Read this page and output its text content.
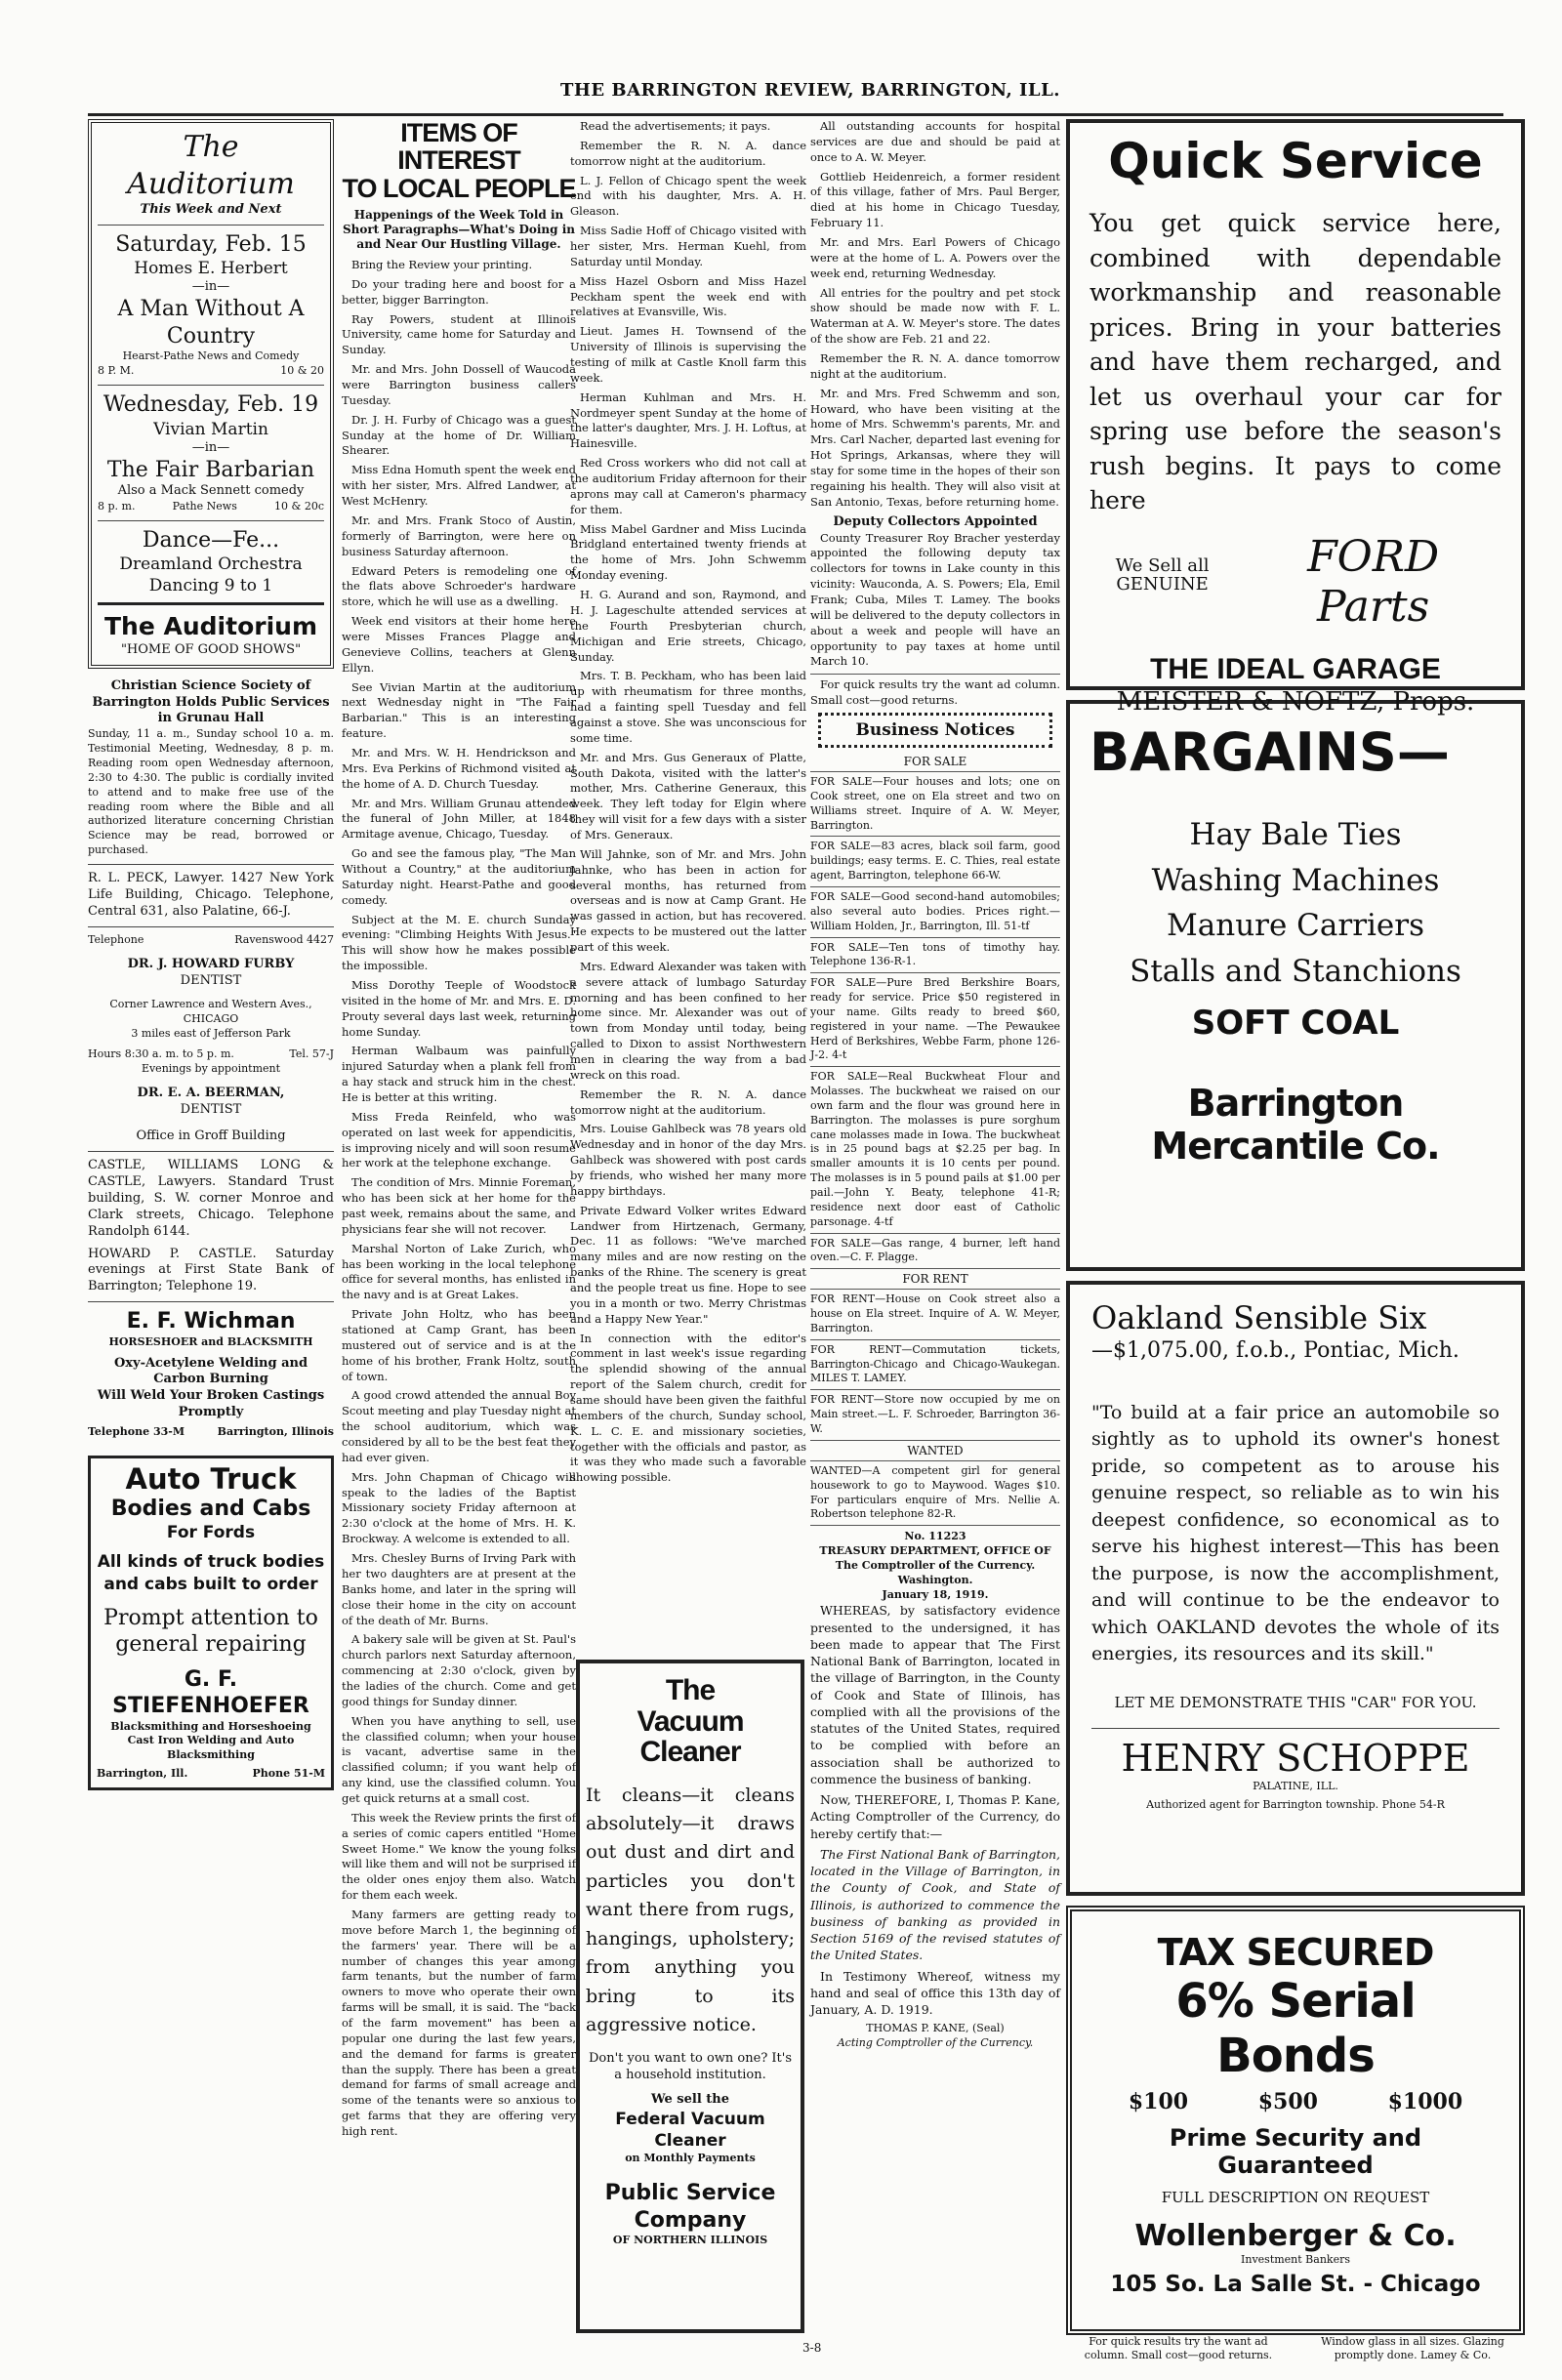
THE BARRINGTON REVIEW, BARRINGTON, ILL.
The Auditorium
This Week and Next
Saturday, Feb. 15
Homes E. Herbert
—in—
A Man Without A Country
Hearst-Pathe News and Comedy
8 P. M.	10 & 20
Wednesday, Feb. 19
Vivian Martin
—in—
The Fair Barbarian
Also a Mack Sennett comedy
8 p. m.	Pathe News	10 & 20c
Dance—Fe...
Dreamland Orchestra
Dancing 9 to 1
The Auditorium
"HOME OF GOOD SHOWS"
Christian Science Society of Barrington Holds Public Services in Grunau Hall
Sunday, 11 a. m., Sunday school 10 a. m. Testimonial Meeting, Wednesday, 8 p. m. Reading room open Wednesday afternoon, 2:30 to 4:30. The public is cordially invited to attend and to make free use of the reading room where the Bible and all authorized literature concerning Christian Science may be read, borrowed or purchased.
R. L. PECK, Lawyer. 1427 New York Life Building, Chicago. Telephone, Central 631, also Palatine, 66-J.
Telephone	Ravenswood 4427
DR. J. HOWARD FURBY
DENTIST
Corner Lawrence and Western Aves., CHICAGO
3 miles east of Jefferson Park
Hours 8:30 a. m. to 5 p. m.	Tel. 57-J
Evenings by appointment
DR. E. A. BEERMAN,
DENTIST
Office in Groff Building
CASTLE, WILLIAMS LONG & CASTLE, Lawyers. Standard Trust building, S. W. corner Monroe and Clark streets, Chicago. Telephone Randolph 6144.
HOWARD P. CASTLE. Saturday evenings at First State Bank of Barrington; Telephone 19.
E. F. Wichman
HORSESHOER and BLACKSMITH
Oxy-Acetylene Welding and Carbon Burning
Will Weld Your Broken Castings Promptly
Telephone 33-M	Barrington, Illinois
Auto Truck
Bodies and Cabs
For Fords
All kinds of truck bodies and cabs built to order
Prompt attention to general repairing
G. F. STIEFENHOEFER
Blacksmithing and Horseshoeing Cast Iron Welding and Auto Blacksmithing
Barrington, Ill.	Phone 51-M
ITEMS OF INTEREST
TO LOCAL PEOPLE
Happenings of the Week Told in Short Paragraphs—What's Doing in and Near Our Hustling Village.
Bring the Review your printing.
Do your trading here and boost for a better, bigger Barrington.
Ray Powers, student at Illinois University, came home for Saturday and Sunday.
Mr. and Mrs. John Dossell of Waucoda were Barrington business callers Tuesday.
Dr. J. H. Furby of Chicago was a guest Sunday at the home of Dr. William Shearer.
Miss Edna Homuth spent the week end with her sister, Mrs. Alfred Landwer, at West McHenry.
Mr. and Mrs. Frank Stoco of Austin, formerly of Barrington, were here on business Saturday afternoon.
Edward Peters is remodeling one of the flats above Schroeder's hardware store, which he will use as a dwelling.
Week end visitors at their home here were Misses Frances Plagge and Genevieve Collins, teachers at Glenn Ellyn.
See Vivian Martin at the auditorium next Wednesday night in "The Fair Barbarian." This is an interesting feature.
Mr. and Mrs. W. H. Hendrickson and Mrs. Eva Perkins of Richmond visited at the home of A. D. Church Tuesday.
Mr. and Mrs. William Grunau attended the funeral of John Miller, at 1848 Armitage avenue, Chicago, Tuesday.
Go and see the famous play, "The Man Without a Country," at the auditorium Saturday night. Hearst-Pathe and good comedy.
Subject at the M. E. church Sunday evening: "Climbing Heights With Jesus." This will show how he makes possible the impossible.
Miss Dorothy Teeple of Woodstock visited in the home of Mr. and Mrs. E. D. Prouty several days last week, returning home Sunday.
Herman Walbaum was painfully injured Saturday when a plank fell from a hay stack and struck him in the chest. He is better at this writing.
Miss Freda Reinfeld, who was operated on last week for appendicitis, is improving nicely and will soon resume her work at the telephone exchange.
The condition of Mrs. Minnie Foreman, who has been sick at her home for the past week, remains about the same, and physicians fear she will not recover.
Marshal Norton of Lake Zurich, who has been working in the local telephone office for several months, has enlisted in the navy and is at Great Lakes.
Private John Holtz, who has been stationed at Camp Grant, has been mustered out of service and is at the home of his brother, Frank Holtz, south of town.
A good crowd attended the annual Boy Scout meeting and play Tuesday night at the school auditorium, which was considered by all to be the best feat they had ever given.
Mrs. John Chapman of Chicago will speak to the ladies of the Baptist Missionary society Friday afternoon at 2:30 o'clock at the home of Mrs. H. K. Brockway. A welcome is extended to all.
Mrs. Chesley Burns of Irving Park with her two daughters are at present at the Banks home, and later in the spring will close their home in the city on account of the death of Mr. Burns.
A bakery sale will be given at St. Paul's church parlors next Saturday afternoon, commencing at 2:30 o'clock, given by the ladies of the church. Come and get good things for Sunday dinner.
When you have anything to sell, use the classified column; when your house is vacant, advertise same in the classified column; if you want help of any kind, use the classified column. You get quick returns at a small cost.
This week the Review prints the first of a series of comic capers entitled "Home Sweet Home." We know the young folks will like them and will not be surprised if the older ones enjoy them also. Watch for them each week.
Many farmers are getting ready to move before March 1, the beginning of the farmers' year. There will be a number of changes this year among farm tenants, but the number of farm owners to move who operate their own farms will be small, it is said. The "back of the farm movement" has been a popular one during the last few years, and the demand for farms is greater than the supply. There has been a great demand for farms of small acreage and some of the tenants were so anxious to get farms that they are offering very high rent.
Read the advertisements; it pays.
Remember the R. N. A. dance tomorrow night at the auditorium.
L. J. Fellon of Chicago spent the week end with his daughter, Mrs. A. H. Gleason.
Miss Sadie Hoff of Chicago visited with her sister, Mrs. Herman Kuehl, from Saturday until Monday.
Miss Hazel Osborn and Miss Hazel Peckham spent the week end with relatives at Evansville, Wis.
Lieut. James H. Townsend of the University of Illinois is supervising the testing of milk at Castle Knoll farm this week.
Herman Kuhlman and Mrs. H. Nordmeyer spent Sunday at the home of the latter's daughter, Mrs. J. H. Loftus, at Hainesville.
Red Cross workers who did not call at the auditorium Friday afternoon for their aprons may call at Cameron's pharmacy for them.
Miss Mabel Gardner and Miss Lucinda Bridgland entertained twenty friends at the home of Mrs. John Schwemm Monday evening.
H. G. Aurand and son, Raymond, and H. J. Lageschulte attended services at the Fourth Presbyterian church, Michigan and Erie streets, Chicago, Sunday.
Mrs. T. B. Peckham, who has been laid up with rheumatism for three months, had a fainting spell Tuesday and fell against a stove. She was unconscious for some time.
Mr. and Mrs. Gus Generaux of Platte, South Dakota, visited with the latter's mother, Mrs. Catherine Generaux, this week. They left today for Elgin where they will visit for a few days with a sister of Mrs. Generaux.
Will Jahnke, son of Mr. and Mrs. John Jahnke, who has been in action for several months, has returned from overseas and is now at Camp Grant. He was gassed in action, but has recovered. He expects to be mustered out the latter part of this week.
Mrs. Edward Alexander was taken with a severe attack of lumbago Saturday morning and has been confined to her home since. Mr. Alexander was out of town from Monday until today, being called to Dixon to assist Northwestern men in clearing the way from a bad wreck on this road.
Remember the R. N. A. dance tomorrow night at the auditorium.
Mrs. Louise Gahlbeck was 78 years old Wednesday and in honor of the day Mrs. Gahlbeck was showered with post cards by friends, who wished her many more happy birthdays.
Private Edward Volker writes Edward Landwer from Hirtzenach, Germany, Dec. 11 as follows: "We've marched many miles and are now resting on the banks of the Rhine. The scenery is great and the people treat us fine. Hope to see you in a month or two. Merry Christmas and a Happy New Year."
In connection with the editor's comment in last week's issue regarding the splendid showing of the annual report of the Salem church, credit for same should have been given the faithful members of the church, Sunday school, K. L. C. E. and missionary societies, together with the officials and pastor, as it was they who made such a favorable showing possible.
The
Vacuum
Cleaner
It cleans—it cleans absolutely—it draws out dust and dirt and particles you don't want there from rugs, hangings, upholstery; from anything you bring to its aggressive notice.
Don't you want to own one? It's a household institution.
We sell the
Federal Vacuum Cleaner
on Monthly Payments
Public Service
Company
OF NORTHERN ILLINOIS
All outstanding accounts for hospital services are due and should be paid at once to A. W. Meyer.
Gottlieb Heidenreich, a former resident of this village, father of Mrs. Paul Berger, died at his home in Chicago Tuesday, February 11.
Mr. and Mrs. Earl Powers of Chicago were at the home of L. A. Powers over the week end, returning Wednesday.
All entries for the poultry and pet stock show should be made now with F. L. Waterman at A. W. Meyer's store. The dates of the show are Feb. 21 and 22.
Remember the R. N. A. dance tomorrow night at the auditorium.
Mr. and Mrs. Fred Schwemm and son, Howard, who have been visiting at the home of Mrs. Schwemm's parents, Mr. and Mrs. Carl Nacher, departed last evening for Hot Springs, Arkansas, where they will stay for some time in the hopes of their son regaining his health. They will also visit at San Antonio, Texas, before returning home.
Deputy Collectors Appointed
County Treasurer Roy Bracher yesterday appointed the following deputy tax collectors for towns in Lake county in this vicinity: Wauconda, A. S. Powers; Ela, Emil Frank; Cuba, Miles T. Lamey. The books will be delivered to the deputy collectors in about a week and people will have an opportunity to pay taxes at home until March 10.
For quick results try the want ad column. Small cost—good returns.
Business Notices
FOR SALE
FOR SALE—Four houses and lots; one on Cook street, one on Ela street and two on Williams street. Inquire of A. W. Meyer, Barrington.
FOR SALE—83 acres, black soil farm, good buildings; easy terms. E. C. Thies, real estate agent, Barrington, telephone 66-W.
FOR SALE—Good second-hand automobiles; also several auto bodies. Prices right.—William Holden, Jr., Barrington, Ill. 51-tf
FOR SALE—Ten tons of timothy hay. Telephone 136-R-1.
FOR SALE—Pure Bred Berkshire Boars, ready for service. Price $50 registered in your name. Gilts ready to breed $60, registered in your name. —The Pewaukee Herd of Berkshires, Webbe Farm, phone 126-J-2. 4-t
FOR SALE—Real Buckwheat Flour and Molasses. The buckwheat we raised on our own farm and the flour was ground here in Barrington. The molasses is pure sorghum cane molasses made in Iowa. The buckwheat is in 25 pound bags at $2.25 per bag. In smaller amounts it is 10 cents per pound. The molasses is in 5 pound pails at $1.00 per pail.—John Y. Beaty, telephone 41-R; residence next door east of Catholic parsonage. 4-tf
FOR SALE—Gas range, 4 burner, left hand oven.—C. F. Plagge.
FOR RENT
FOR RENT—House on Cook street also a house on Ela street. Inquire of A. W. Meyer, Barrington.
FOR RENT—Commutation tickets, Barrington-Chicago and Chicago-Waukegan. MILES T. LAMEY.
FOR RENT—Store now occupied by me on Main street.—L. F. Schroeder, Barrington 36-W.
WANTED
WANTED—A competent girl for general housework to go to Maywood. Wages $10. For particulars enquire of Mrs. Nellie A. Robertson telephone 82-R.
No. 11223
TREASURY DEPARTMENT, OFFICE OF The Comptroller of the Currency. Washington.
January 18, 1919.
WHEREAS, by satisfactory evidence presented to the undersigned, it has been made to appear that The First National Bank of Barrington, located in the village of Barrington, in the County of Cook and State of Illinois, has complied with all the provisions of the statutes of the United States, required to be complied with before an association shall be authorized to commence the business of banking.
Now, THEREFORE, I, Thomas P. Kane, Acting Comptroller of the Currency, do hereby certify that:—
The First National Bank of Barrington, located in the Village of Barrington, in the County of Cook, and State of Illinois, is authorized to commence the business of banking as provided in Section 5169 of the revised statutes of the United States.
In Testimony Whereof, witness my hand and seal of office this 13th day of January, A. D. 1919.
THOMAS P. KANE, (Seal)
Acting Comptroller of the Currency.
Quick Service
You get quick service here, combined with dependable workmanship and reasonable prices. Bring in your batteries and have them recharged, and let us overhaul your car for spring use before the season's rush begins. It pays to come here
We Sell all GENUINE
FORD Parts
THE IDEAL GARAGE
MEISTER & NOFTZ, Props.
BARGAINS—
Hay Bale Ties
Washing Machines
Manure Carriers
Stalls and Stanchions
SOFT COAL
Barrington Mercantile Co.
Oakland Sensible Six
—$1,075.00, f.o.b., Pontiac, Mich.
"To build at a fair price an automobile so sightly as to uphold its owner's honest pride, so competent as to arouse his genuine respect, so reliable as to win his deepest confidence, so economical as to serve his highest interest—This has been the purpose, is now the accomplishment, and will continue to be the endeavor to which OAKLAND devotes the whole of its energies, its resources and its skill."
LET ME DEMONSTRATE THIS "CAR" FOR YOU.
HENRY SCHOPPE
PALATINE, ILL.
Authorized agent for Barrington township. Phone 54-R
TAX SECURED
6% Serial Bonds
$100	$500	$1000
Prime Security and Guaranteed
FULL DESCRIPTION ON REQUEST
Wollenberger & Co.
Investment Bankers
105 So. La Salle St. - Chicago
For quick results try the want ad column. Small cost—good returns.
Window glass in all sizes. Glazing promptly done. Lamey & Co.
3-8
